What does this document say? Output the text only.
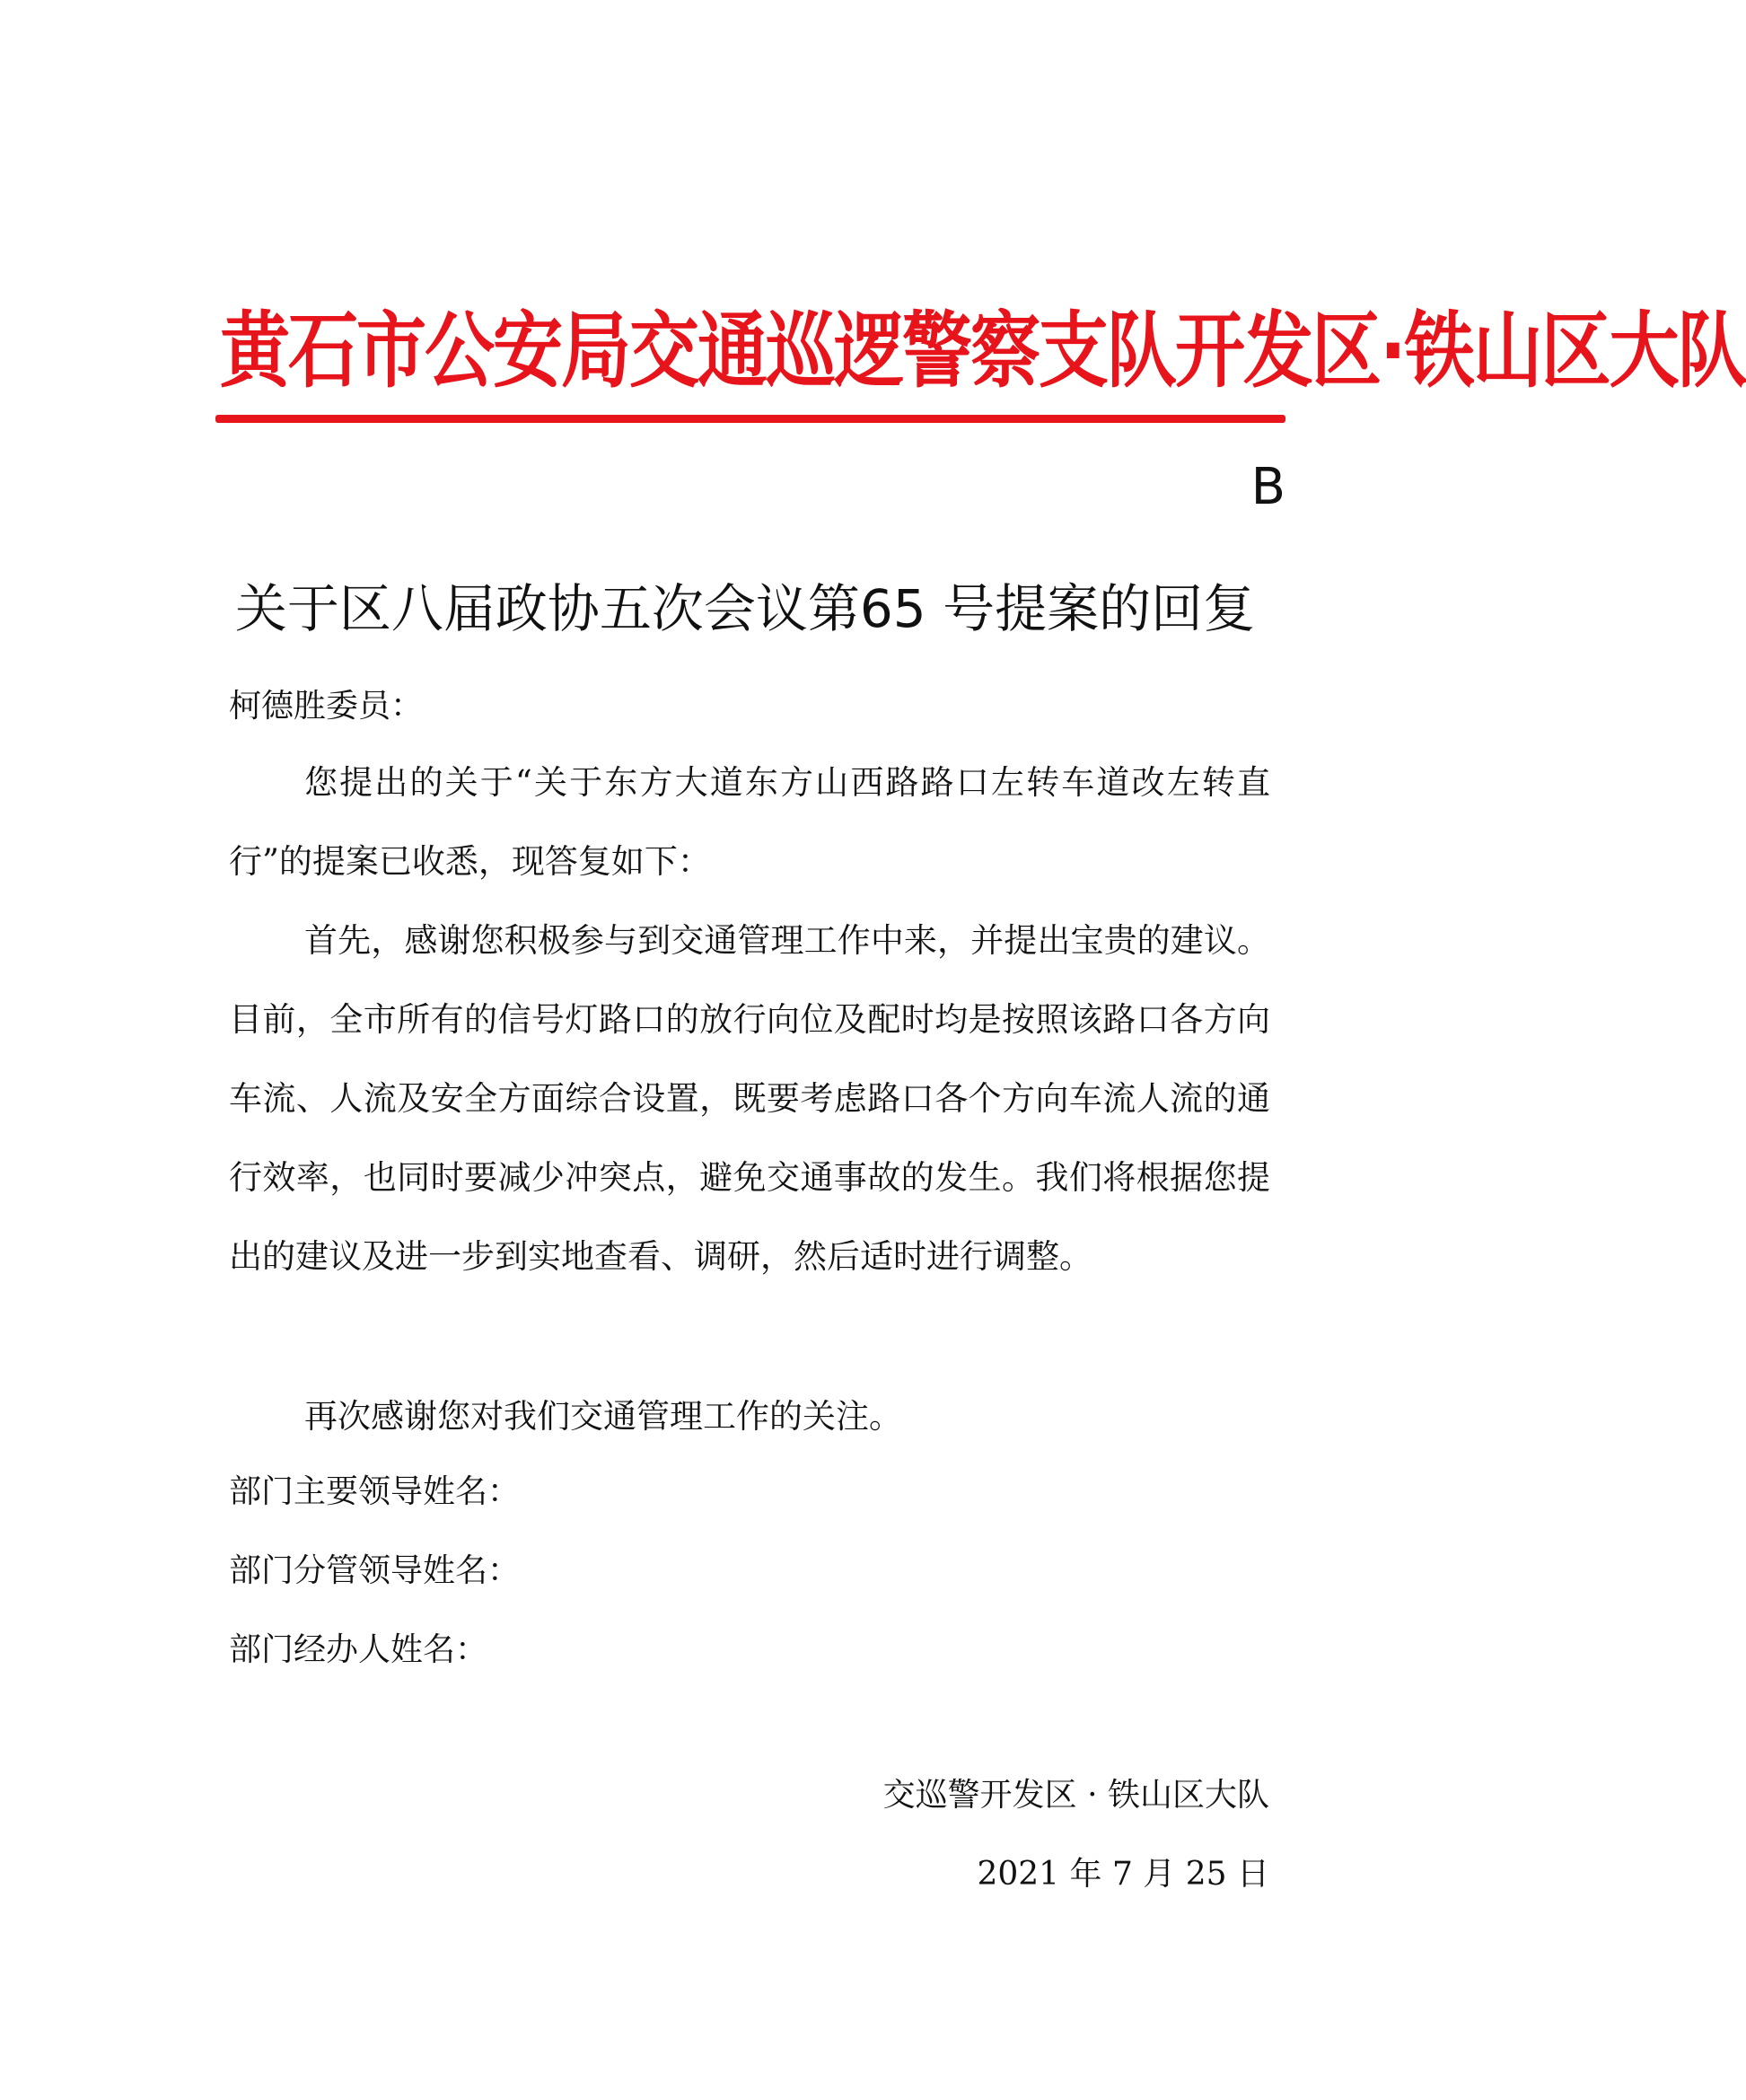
黄石市公安局交通巡逻警察支队开发区·铁山区大队
B
关于区八届政协五次会议第65 号提案的回复
柯德胜委员：

您提出的关于“关于东方大道东方山西路路口左转车道改左转直行”的提案已收悉，现答复如下：

首先，感谢您积极参与到交通管理工作中来，并提出宝贵的建议。目前，全市所有的信号灯路口的放行向位及配时均是按照该路口各方向车流、人流及安全方面综合设置，既要考虑路口各个方向车流人流的通行效率，也同时要减少冲突点，避免交通事故的发生。我们将根据您提出的建议及进一步到实地查看、调研，然后适时进行调整。

再次感谢您对我们交通管理工作的关注。

部门主要领导姓名：
部门分管领导姓名：
部门经办人姓名：
交巡警开发区 · 铁山区大队
2021 年 7 月 25 日
